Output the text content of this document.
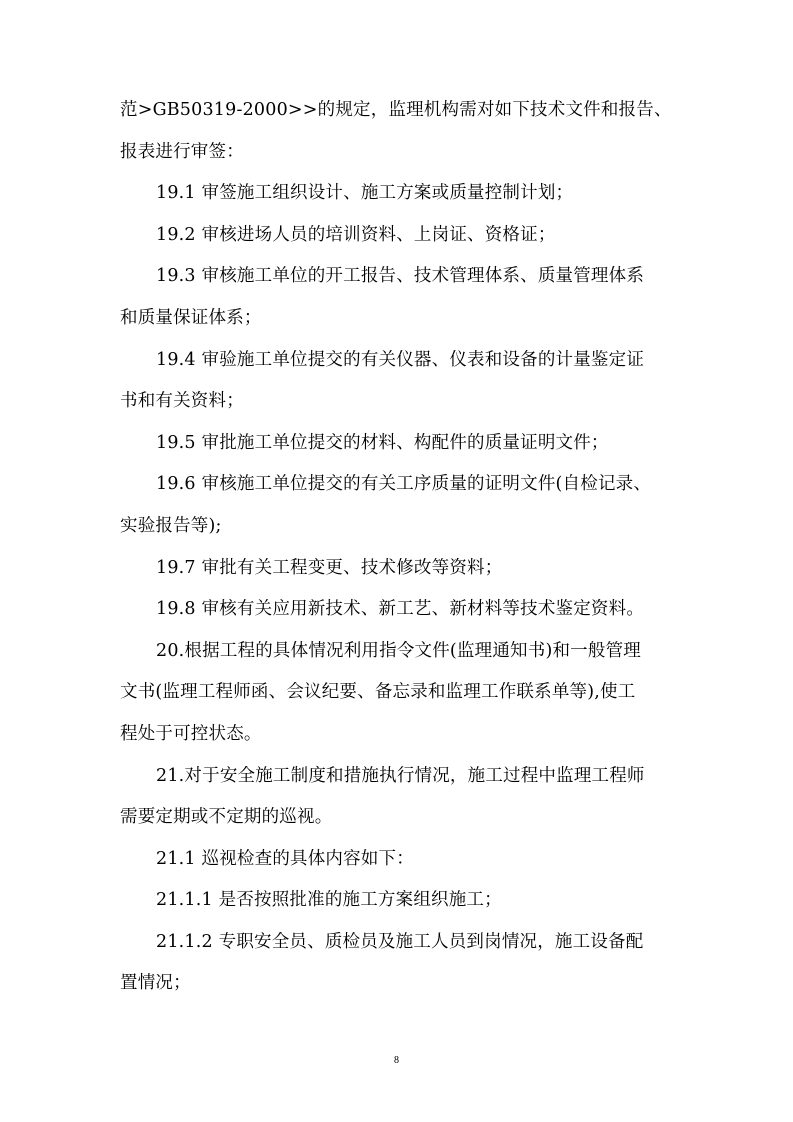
范>GB50319-2000>>的规定，监理机构需对如下技术文件和报告、
报表进行审签：
19.1 审签施工组织设计、施工方案或质量控制计划；
19.2 审核进场人员的培训资料、上岗证、资格证；
19.3 审核施工单位的开工报告、技术管理体系、质量管理体系
和质量保证体系；
19.4 审验施工单位提交的有关仪器、仪表和设备的计量鉴定证
书和有关资料；
19.5 审批施工单位提交的材料、构配件的质量证明文件；
19.6 审核施工单位提交的有关工序质量的证明文件(自检记录、
实验报告等);
19.7 审批有关工程变更、技术修改等资料；
19.8 审核有关应用新技术、新工艺、新材料等技术鉴定资料。
20.根据工程的具体情况利用指令文件(监理通知书)和一般管理
文书(监理工程师函、会议纪要、备忘录和监理工作联系单等),使工
程处于可控状态。
21.对于安全施工制度和措施执行情况，施工过程中监理工程师
需要定期或不定期的巡视。
21.1 巡视检查的具体内容如下：
21.1.1 是否按照批准的施工方案组织施工；
21.1.2 专职安全员、质检员及施工人员到岗情况，施工设备配
置情况；
8
